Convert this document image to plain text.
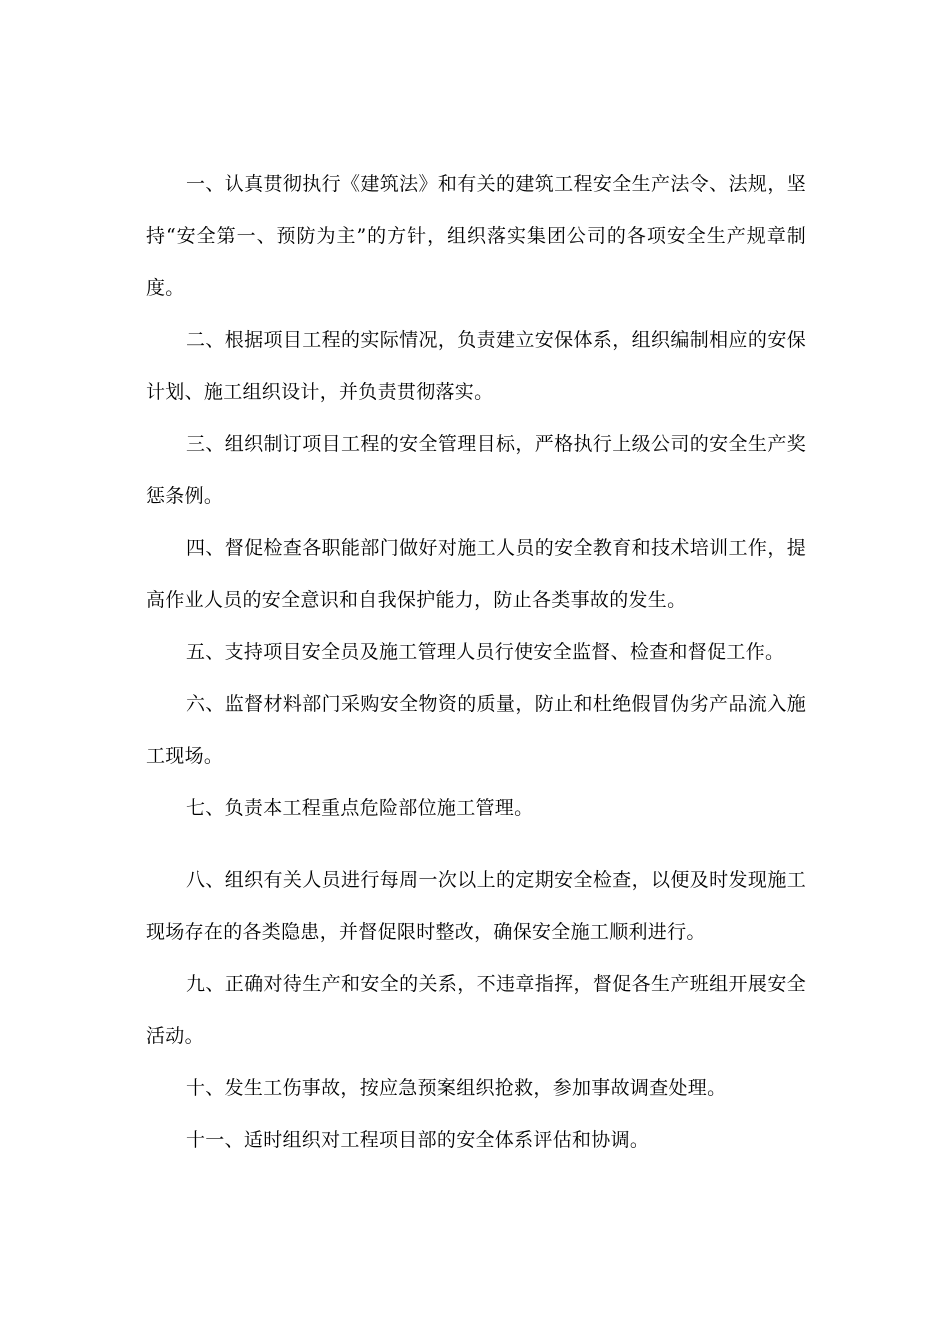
一、认真贯彻执行《建筑法》和有关的建筑工程安全生产法令、法规，坚持“安全第一、预防为主”的方针，组织落实集团公司的各项安全生产规章制度。

二、根据项目工程的实际情况，负责建立安保体系，组织编制相应的安保计划、施工组织设计，并负责贯彻落实。

三、组织制订项目工程的安全管理目标，严格执行上级公司的安全生产奖惩条例。

四、督促检查各职能部门做好对施工人员的安全教育和技术培训工作，提高作业人员的安全意识和自我保护能力，防止各类事故的发生。

五、支持项目安全员及施工管理人员行使安全监督、检查和督促工作。

六、监督材料部门采购安全物资的质量，防止和杜绝假冒伪劣产品流入施工现场。

七、负责本工程重点危险部位施工管理。

八、组织有关人员进行每周一次以上的定期安全检查，以便及时发现施工现场存在的各类隐患，并督促限时整改，确保安全施工顺利进行。

九、正确对待生产和安全的关系，不违章指挥，督促各生产班组开展安全活动。

十、发生工伤事故，按应急预案组织抢救，参加事故调查处理。

十一、适时组织对工程项目部的安全体系评估和协调。
